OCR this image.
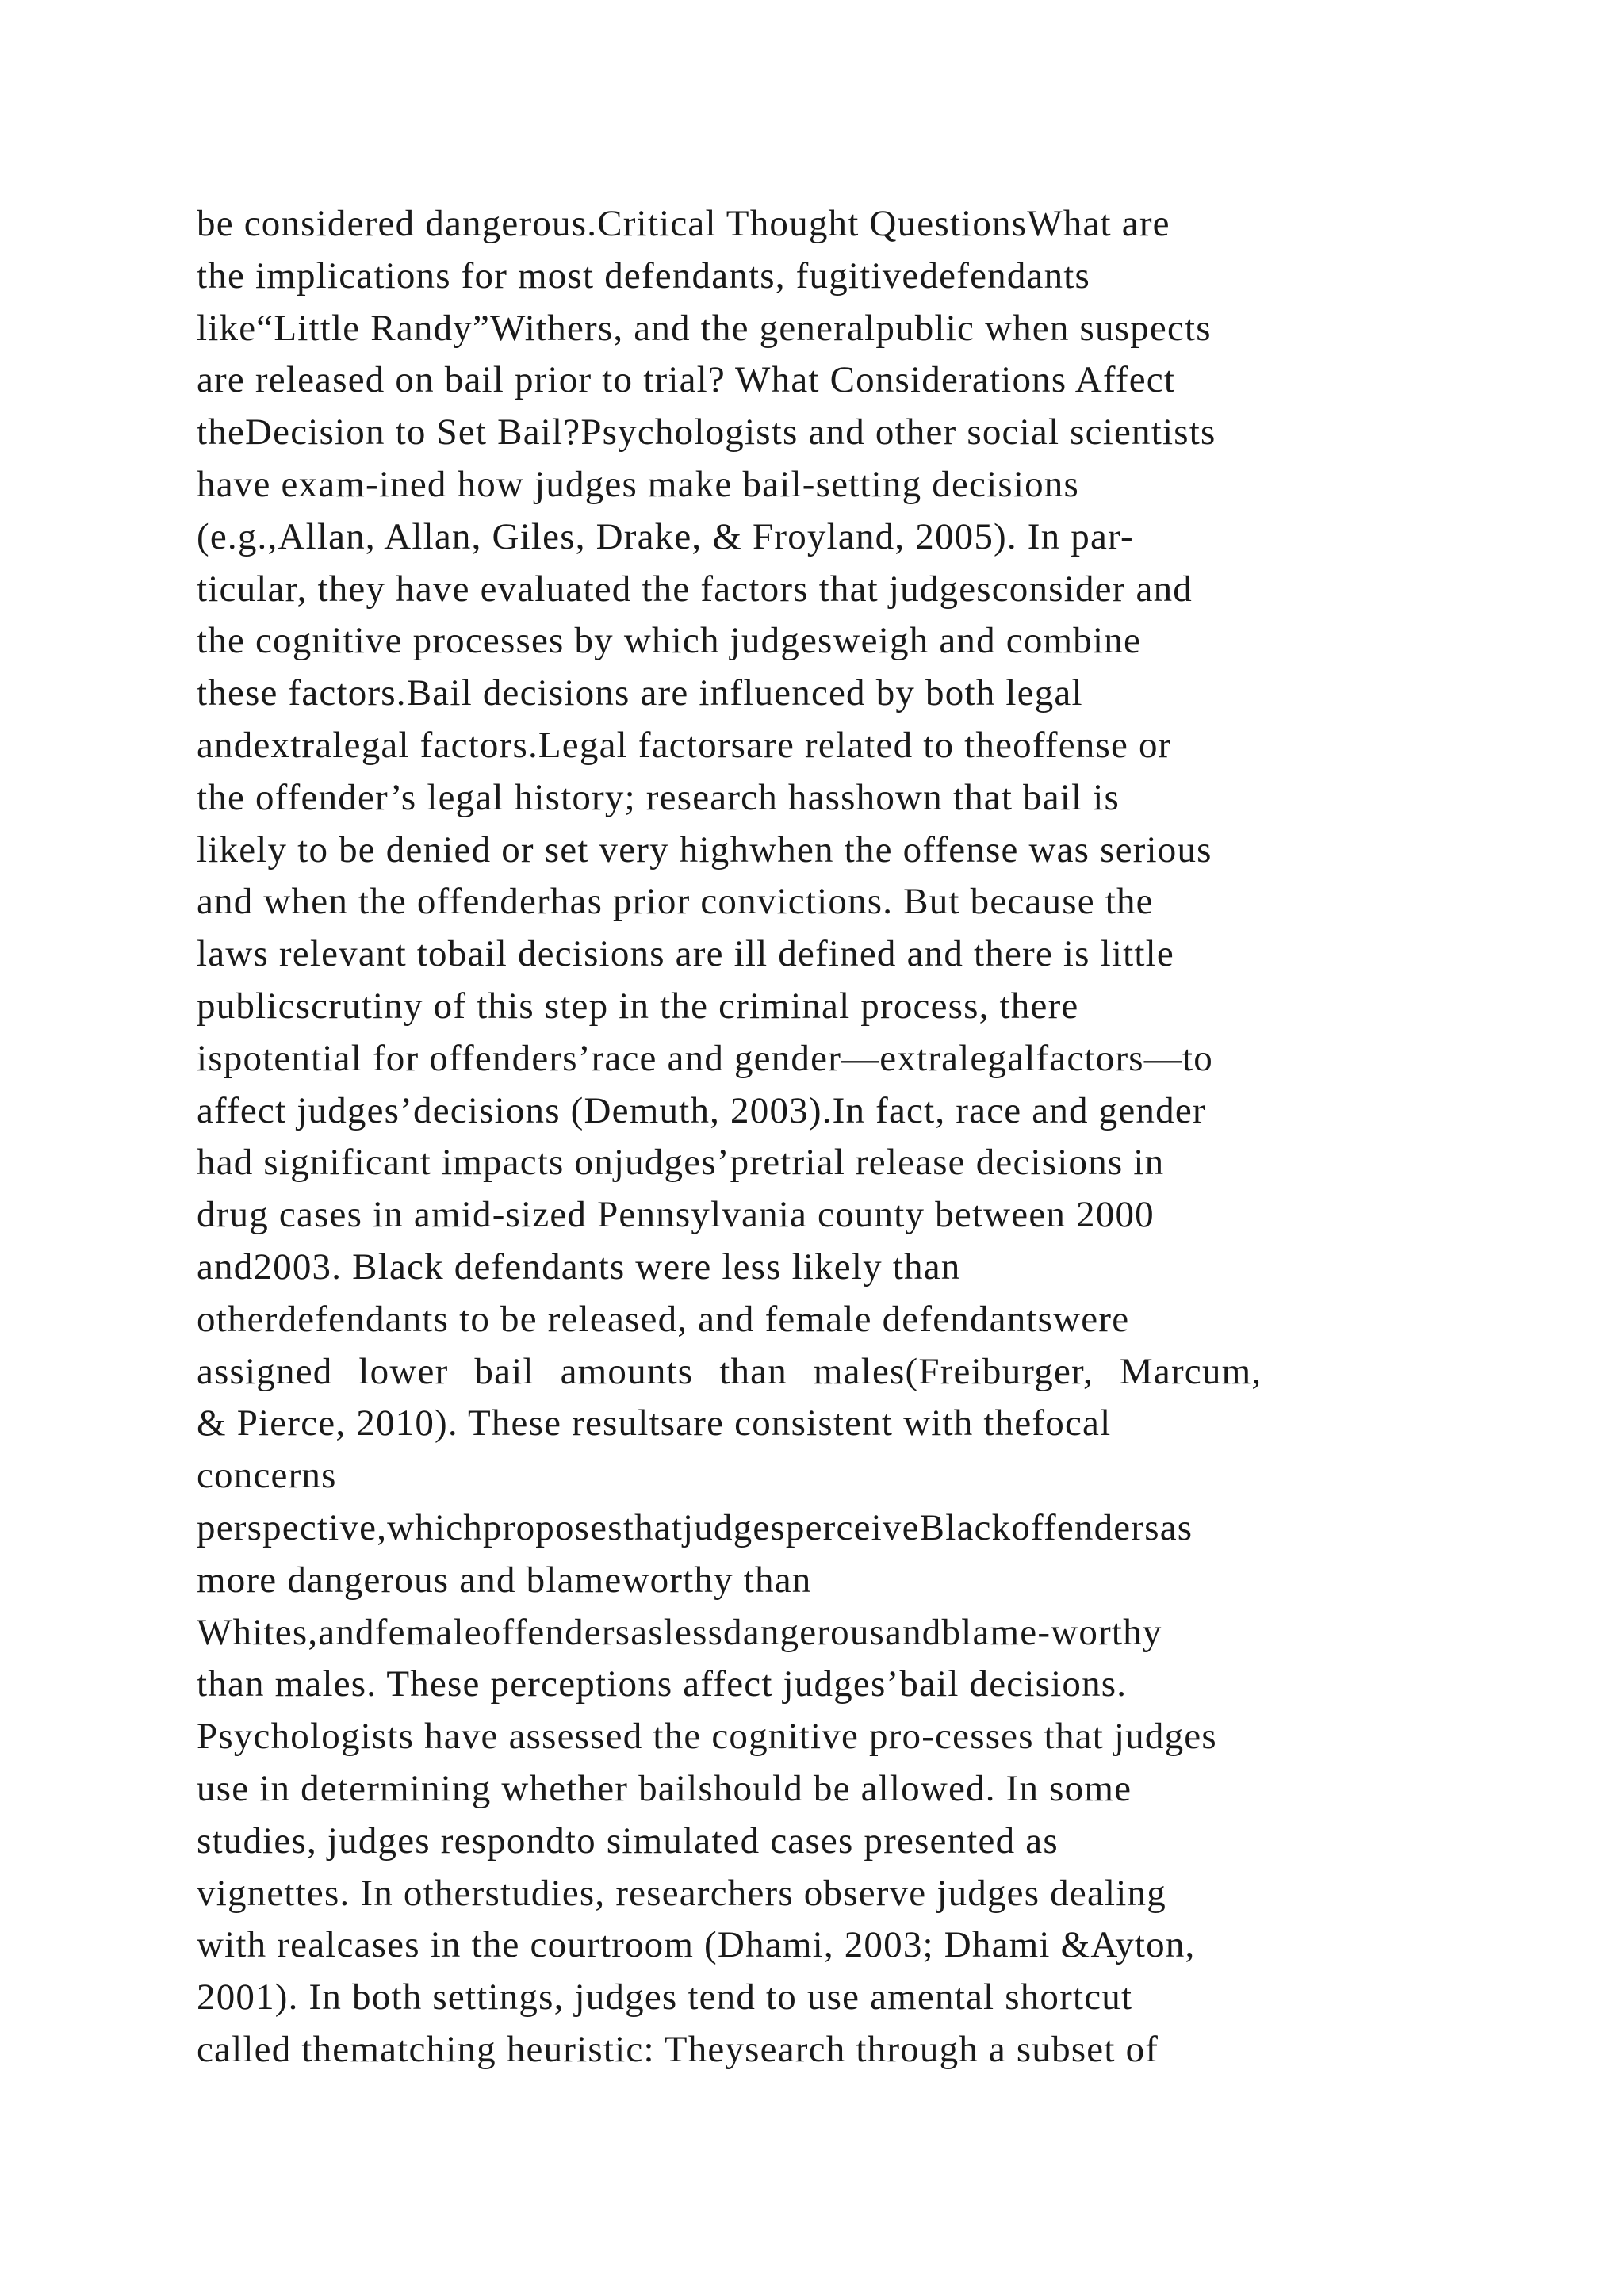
be considered dangerous.Critical Thought QuestionsWhat are
the implications for most defendants, fugitivedefendants
like“Little Randy”Withers, and the generalpublic when suspects
are released on bail prior to trial? What Considerations Affect
theDecision to Set Bail?Psychologists and other social scientists
have exam-ined how judges make bail-setting decisions
(e.g.,Allan, Allan, Giles, Drake, & Froyland, 2005). In par-
ticular, they have evaluated the factors that judgesconsider and
the cognitive processes by which judgesweigh and combine
these factors.Bail decisions are influenced by both legal
andextralegal factors.Legal factorsare related to theoffense or
the offender’s legal history; research hasshown that bail is
likely to be denied or set very highwhen the offense was serious
and when the offenderhas prior convictions. But because the
laws relevant tobail decisions are ill defined and there is little
publicscrutiny of this step in the criminal process, there
ispotential for offenders’race and gender—extralegalfactors—to
affect judges’decisions (Demuth, 2003).In fact, race and gender
had significant impacts onjudges’pretrial release decisions in
drug cases in amid-sized Pennsylvania county between 2000
and2003. Black defendants were less likely than
otherdefendants to be released, and female defendantswere
assigned lower bail amounts than males(Freiburger, Marcum,
& Pierce, 2010). These resultsare consistent with thefocal
concerns
perspective,whichproposesthatjudgesperceiveBlackoffendersas
more dangerous and blameworthy than
Whites,andfemaleoffendersaslessdangerousandblame-worthy
than males. These perceptions affect judges’bail decisions.
Psychologists have assessed the cognitive pro-cesses that judges
use in determining whether bailshould be allowed. In some
studies, judges respondto simulated cases presented as
vignettes. In otherstudies, researchers observe judges dealing
with realcases in the courtroom (Dhami, 2003; Dhami &Ayton,
2001). In both settings, judges tend to use amental shortcut
called thematching heuristic: Theysearch through a subset of
